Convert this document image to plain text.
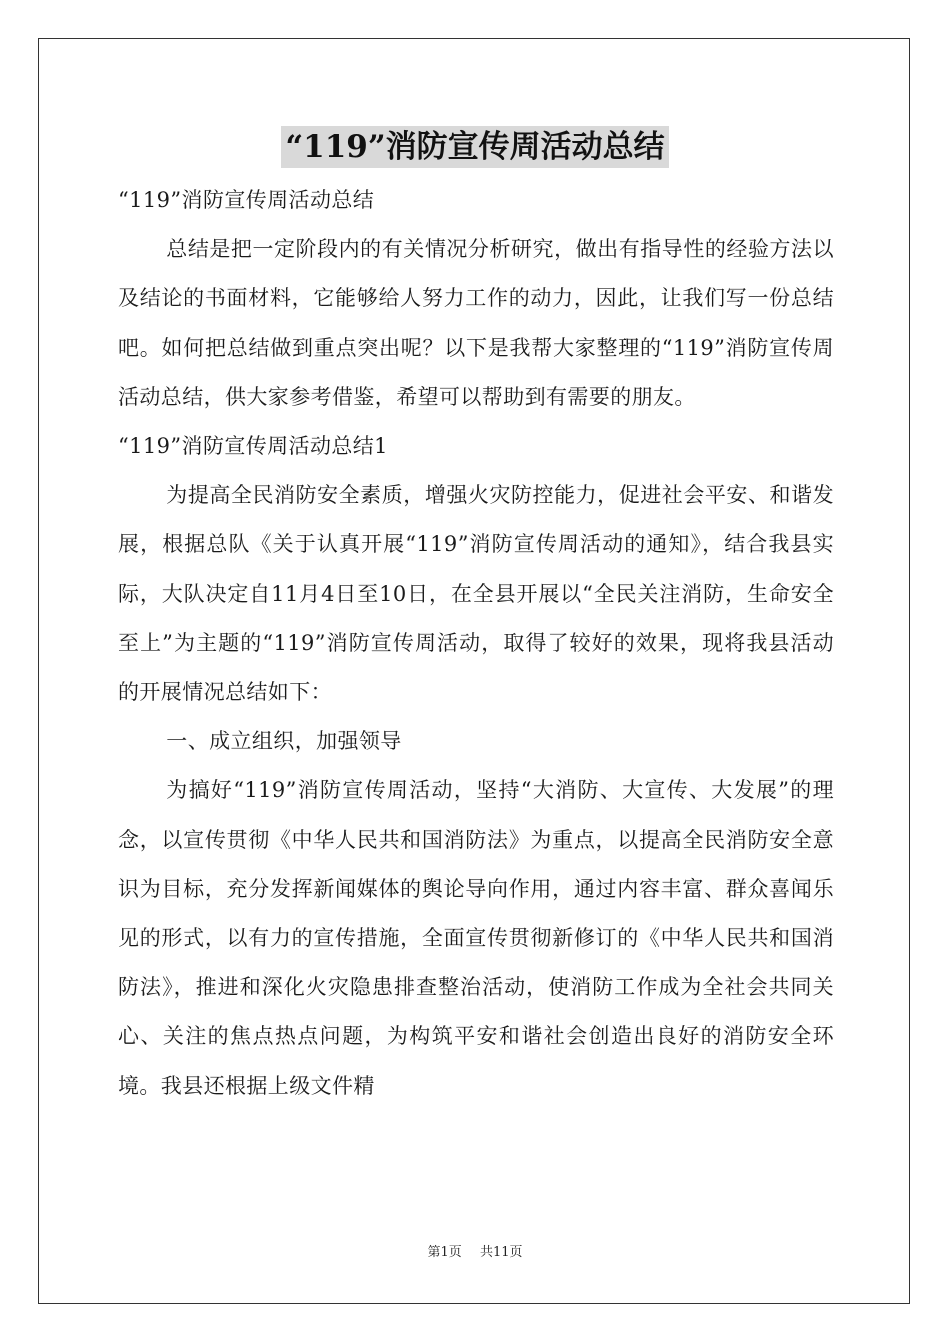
“119”消防宣传周活动总结

“119”消防宣传周活动总结

总结是把一定阶段内的有关情况分析研究，做出有指导性的经验方法以及结论的书面材料，它能够给人努力工作的动力，因此，让我们写一份总结吧。如何把总结做到重点突出呢？以下是我帮大家整理的“119”消防宣传周活动总结，供大家参考借鉴，希望可以帮助到有需要的朋友。

“119”消防宣传周活动总结1

为提高全民消防安全素质，增强火灾防控能力，促进社会平安、和谐发展，根据总队《关于认真开展“119”消防宣传周活动的通知》，结合我县实际，大队决定自11月4日至10日，在全县开展以“全民关注消防，生命安全至上”为主题的“119”消防宣传周活动，取得了较好的效果，现将我县活动的开展情况总结如下：

一、成立组织，加强领导

为搞好“119”消防宣传周活动，坚持“大消防、大宣传、大发展”的理念，以宣传贯彻《中华人民共和国消防法》为重点，以提高全民消防安全意识为目标，充分发挥新闻媒体的舆论导向作用，通过内容丰富、群众喜闻乐见的形式，以有力的宣传措施，全面宣传贯彻新修订的《中华人民共和国消防法》，推进和深化火灾隐患排查整治活动，使消防工作成为全社会共同关心、关注的焦点热点问题，为构筑平安和谐社会创造出良好的消防安全环境。我县还根据上级文件精

第1页 共11页
